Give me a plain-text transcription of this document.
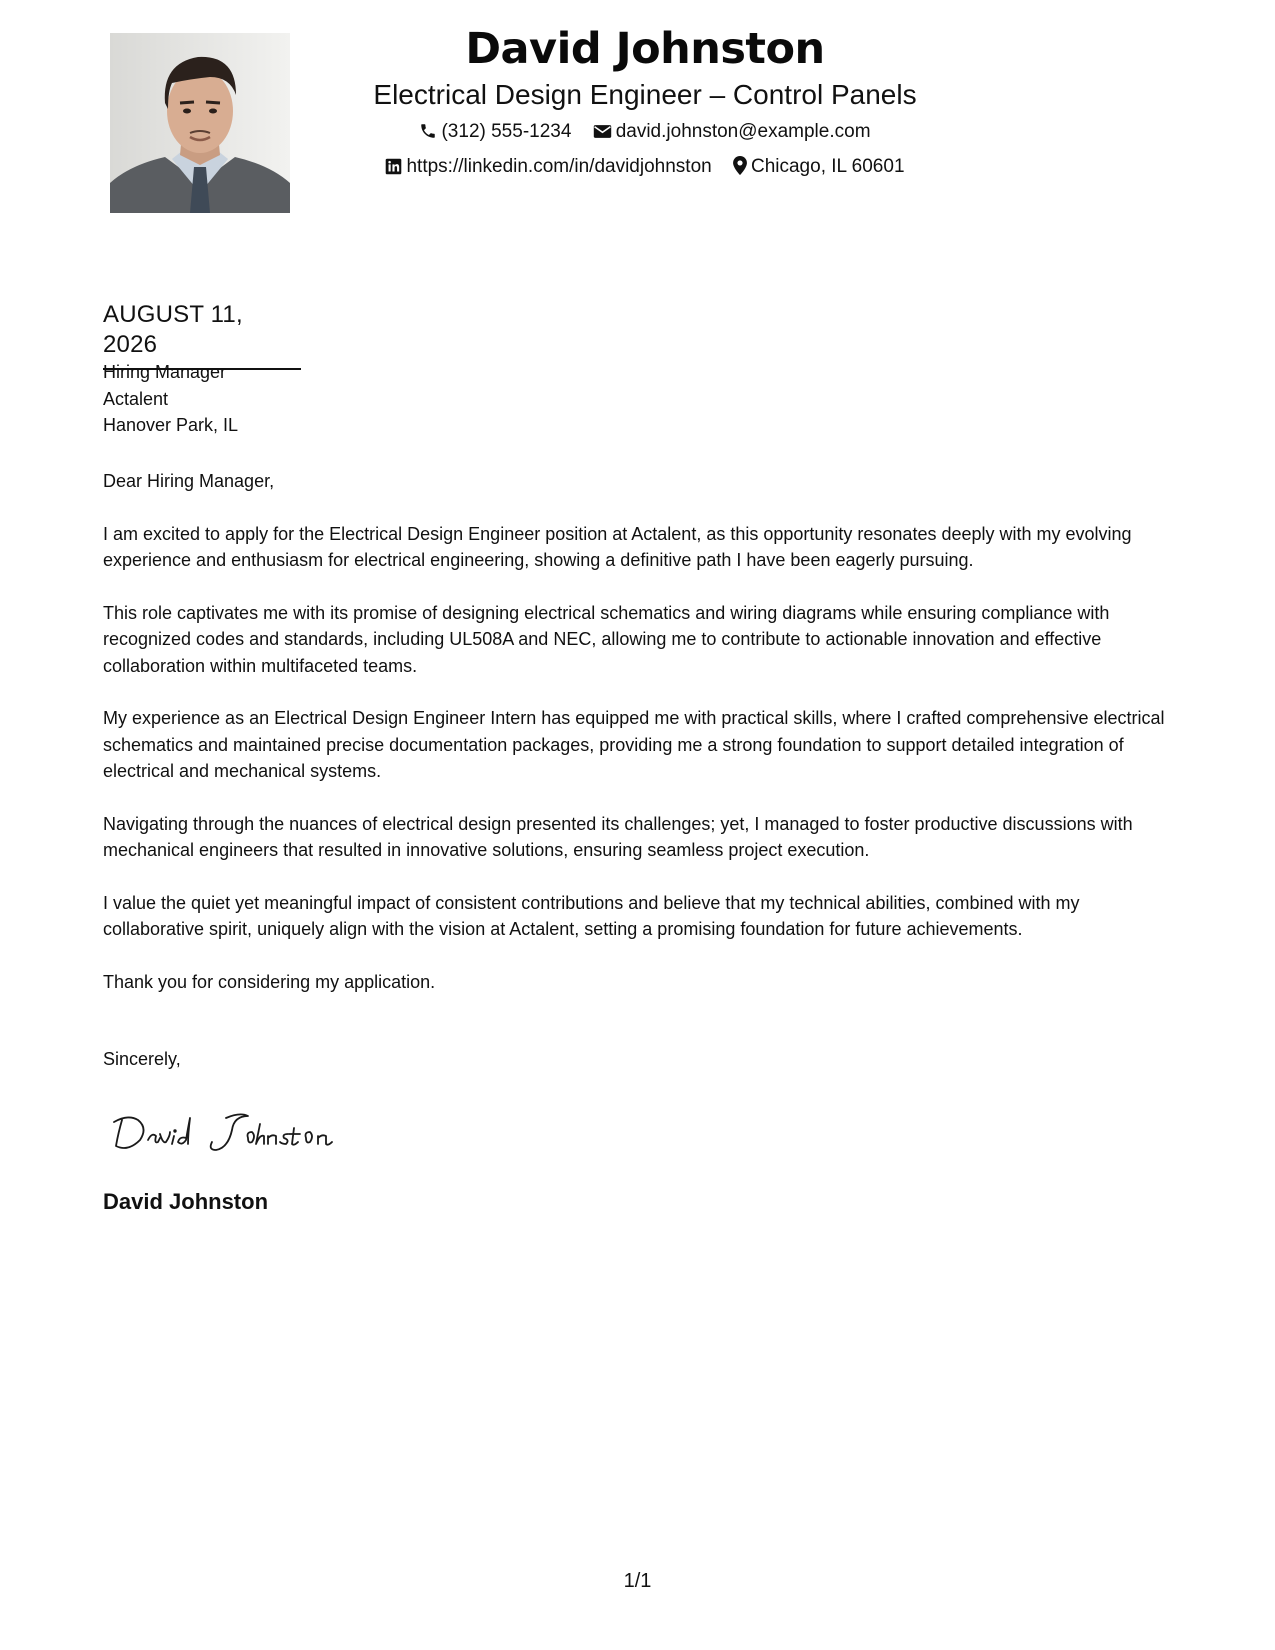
David Johnston
Electrical Design Engineer – Control Panels
(312) 555-1234 david.johnston@example.com
https://linkedin.com/in/davidjohnston Chicago, IL 60601
AUGUST 11, 2026
Hiring Manager
Actalent
Hanover Park, IL

Dear Hiring Manager,

I am excited to apply for the Electrical Design Engineer position at Actalent, as this opportunity resonates deeply with my evolving experience and enthusiasm for electrical engineering, showing a definitive path I have been eagerly pursuing.

This role captivates me with its promise of designing electrical schematics and wiring diagrams while ensuring compliance with recognized codes and standards, including UL508A and NEC, allowing me to contribute to actionable innovation and effective collaboration within multifaceted teams.

My experience as an Electrical Design Engineer Intern has equipped me with practical skills, where I crafted comprehensive electrical schematics and maintained precise documentation packages, providing me a strong foundation to support detailed integration of electrical and mechanical systems.

Navigating through the nuances of electrical design presented its challenges; yet, I managed to foster productive discussions with mechanical engineers that resulted in innovative solutions, ensuring seamless project execution.

I value the quiet yet meaningful impact of consistent contributions and believe that my technical abilities, combined with my collaborative spirit, uniquely align with the vision at Actalent, setting a promising foundation for future achievements.

Thank you for considering my application.

Sincerely,
David Johnston
1/1
